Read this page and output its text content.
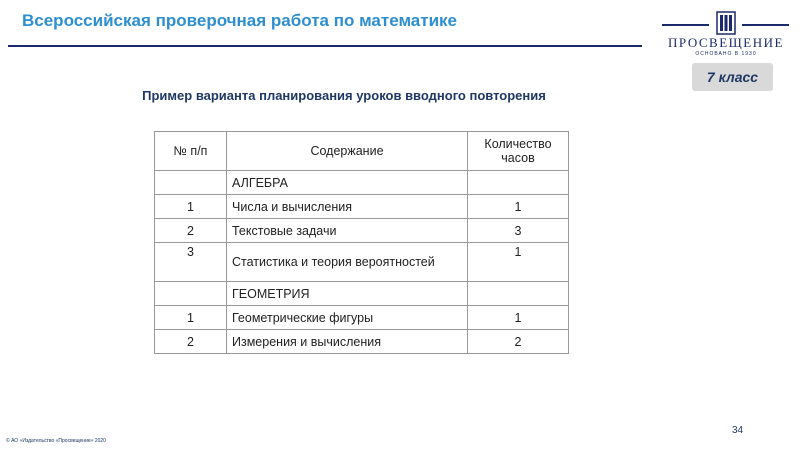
Всероссийская проверочная работа по математике
ПРОСВЕЩЕНИЕ
ОСНОВАНО В 1930
7 класс
Пример варианта планирования уроков вводного повторения
№ п/п	Содержание	Количество часов
	АЛГЕБРА	
1	Числа и вычисления	1
2	Текстовые задачи	3
3	Статистика и теория вероятностей	1
	ГЕОМЕТРИЯ	
1	Геометрические фигуры	1
2	Измерения и вычисления	2
34
© АО «Издательство «Просвещение» 2020
